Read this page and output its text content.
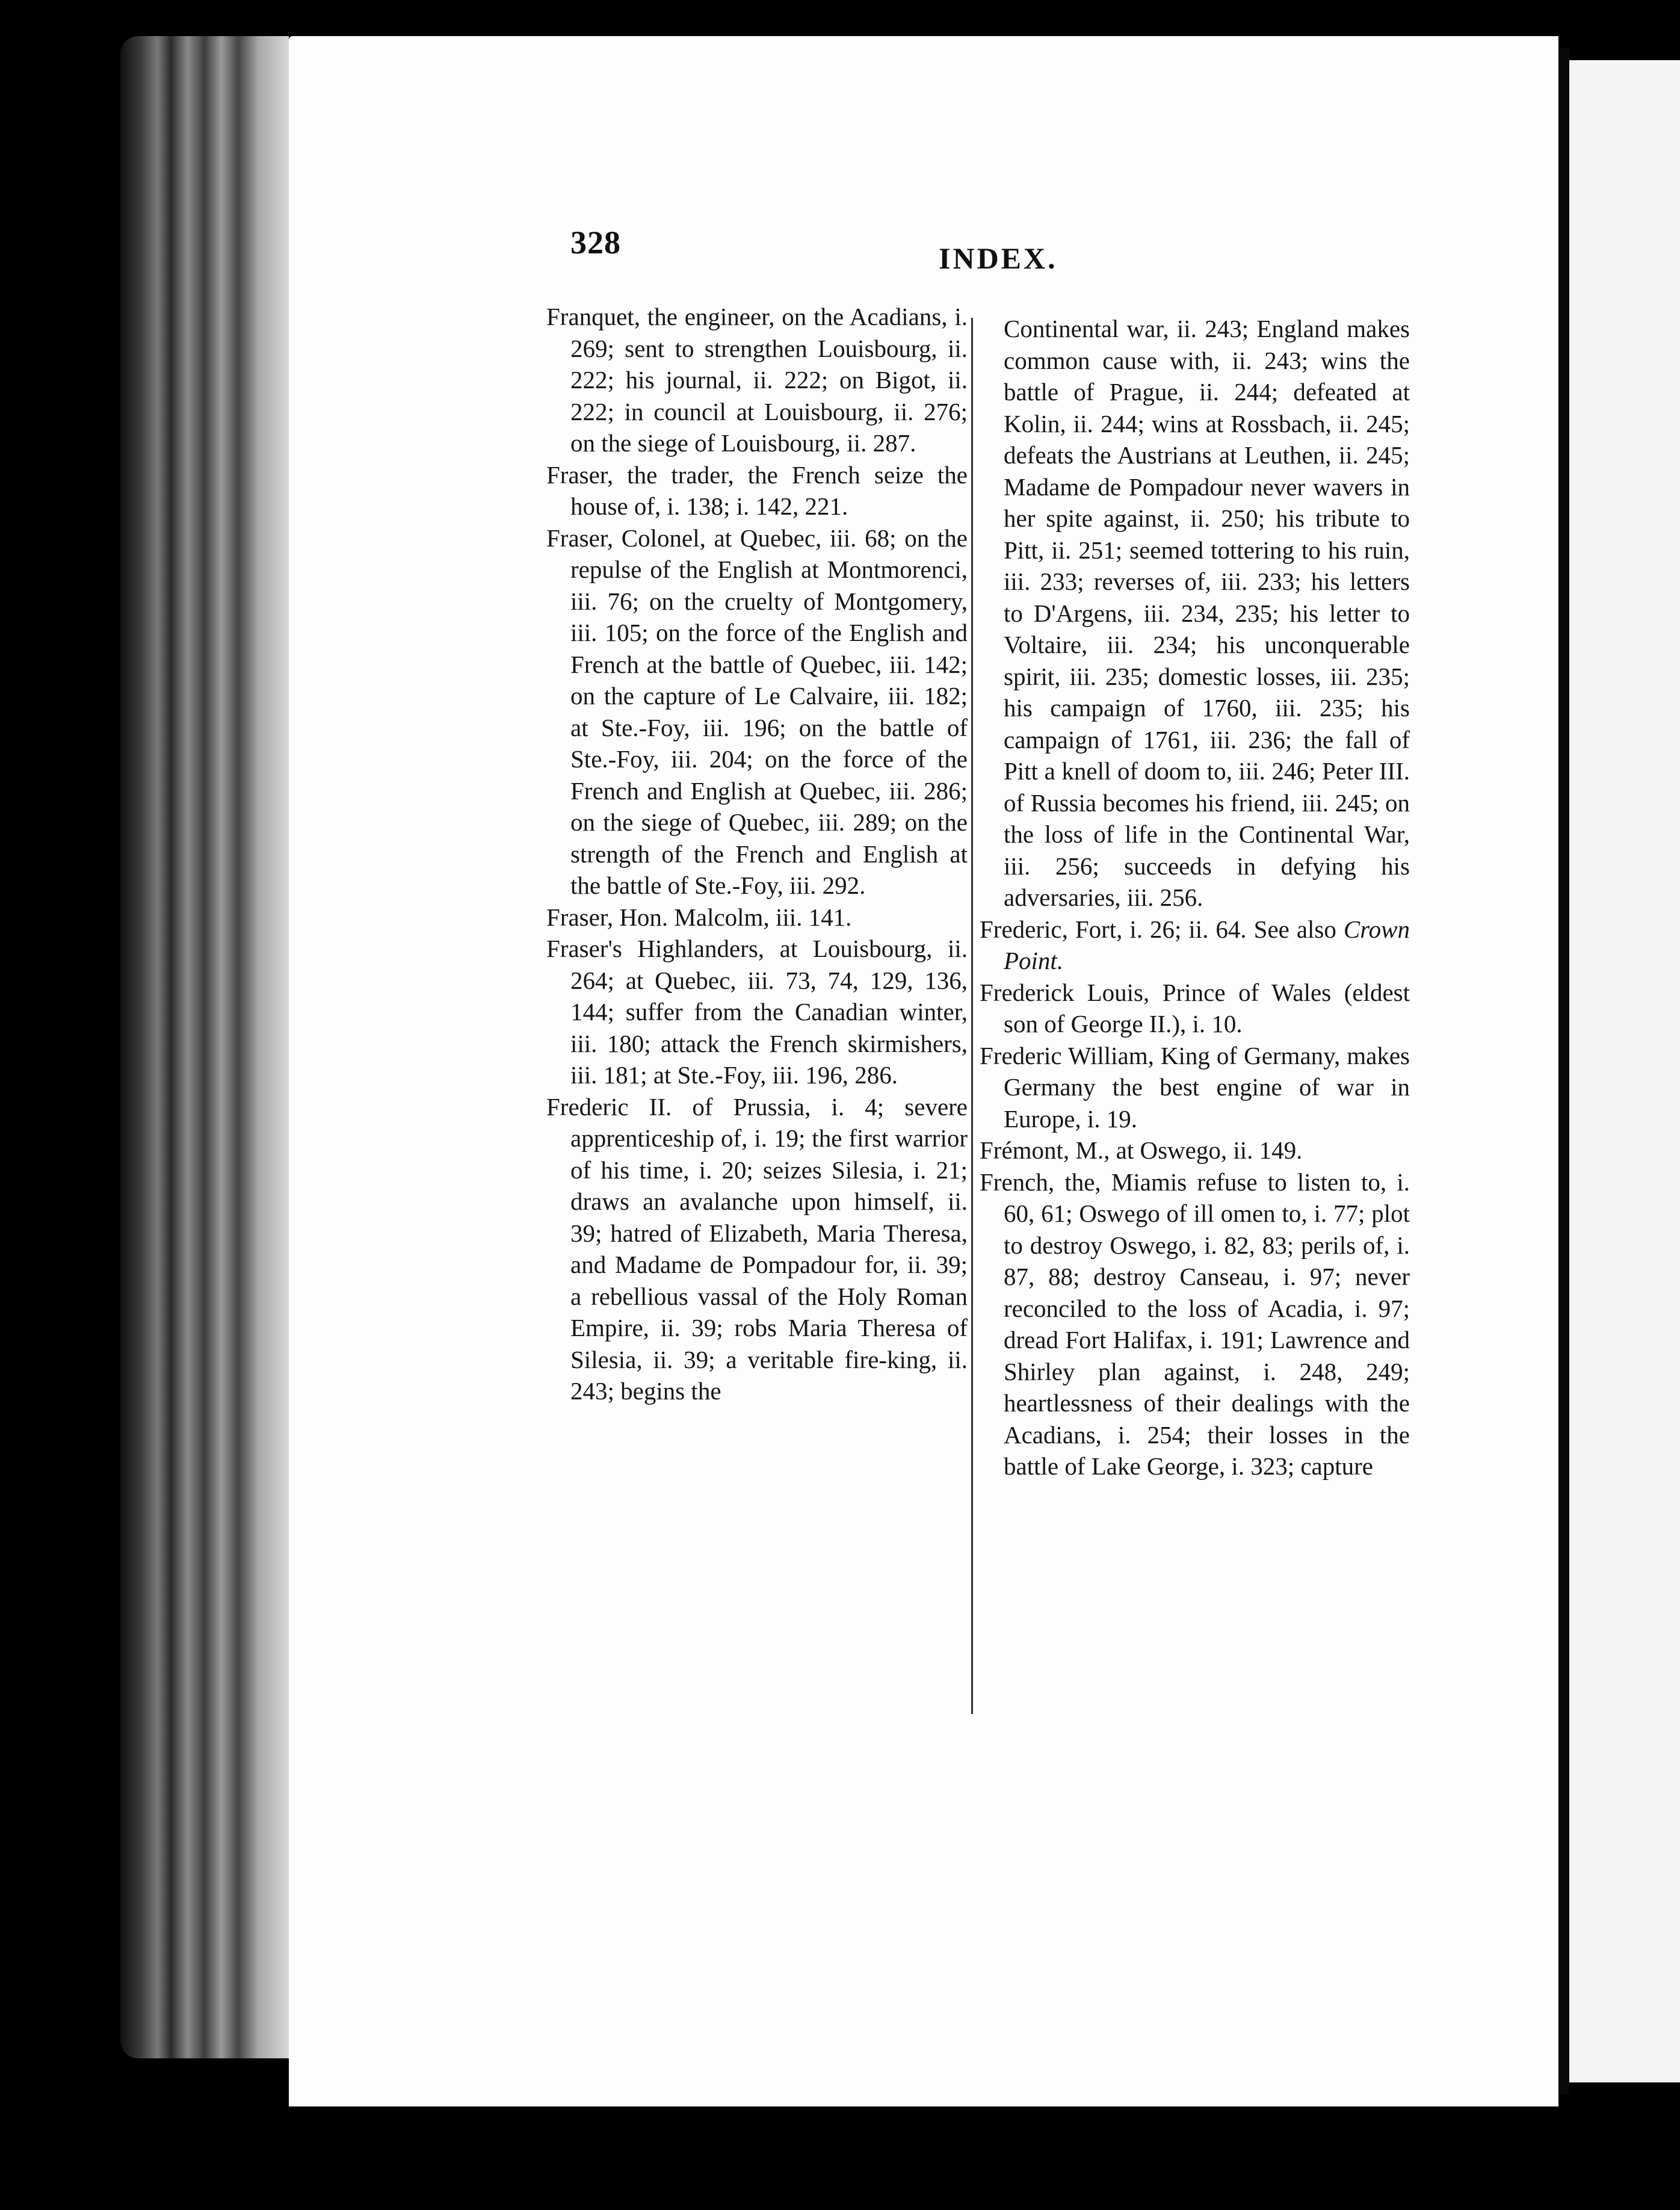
328	INDEX.

Franquet, the engineer, on the Acadians, i. 269; sent to strengthen Louisbourg, ii. 222; his journal, ii. 222; on Bigot, ii. 222; in council at Louisbourg, ii. 276; on the siege of Louisbourg, ii. 287.

Fraser, the trader, the French seize the house of, i. 138; i. 142, 221.

Fraser, Colonel, at Quebec, iii. 68; on the repulse of the English at Montmorenci, iii. 76; on the cruelty of Montgomery, iii. 105; on the force of the English and French at the battle of Quebec, iii. 142; on the capture of Le Calvaire, iii. 182; at Ste.-Foy, iii. 196; on the battle of Ste.-Foy, iii. 204; on the force of the French and English at Quebec, iii. 286; on the siege of Quebec, iii. 289; on the strength of the French and English at the battle of Ste.-Foy, iii. 292.

Fraser, Hon. Malcolm, iii. 141.

Fraser's Highlanders, at Louisbourg, ii. 264; at Quebec, iii. 73, 74, 129, 136, 144; suffer from the Canadian winter, iii. 180; attack the French skirmishers, iii. 181; at Ste.-Foy, iii. 196, 286.

Frederic II. of Prussia, i. 4; severe apprenticeship of, i. 19; the first warrior of his time, i. 20; seizes Silesia, i. 21; draws an avalanche upon himself, ii. 39; hatred of Elizabeth, Maria Theresa, and Madame de Pompadour for, ii. 39; a rebellious vassal of the Holy Roman Empire, ii. 39; robs Maria Theresa of Silesia, ii. 39; a veritable fire-king, ii. 243; begins the

Continental war, ii. 243; England makes common cause with, ii. 243; wins the battle of Prague, ii. 244; defeated at Kolin, ii. 244; wins at Rossbach, ii. 245; defeats the Austrians at Leuthen, ii. 245; Madame de Pompadour never wavers in her spite against, ii. 250; his tribute to Pitt, ii. 251; seemed tottering to his ruin, iii. 233; reverses of, iii. 233; his letters to D'Argens, iii. 234, 235; his letter to Voltaire, iii. 234; his unconquerable spirit, iii. 235; domestic losses, iii. 235; his campaign of 1760, iii. 235; his campaign of 1761, iii. 236; the fall of Pitt a knell of doom to, iii. 246; Peter III. of Russia becomes his friend, iii. 245; on the loss of life in the Continental War, iii. 256; succeeds in defying his adversaries, iii. 256.

Frederic, Fort, i. 26; ii. 64. See also Crown Point.

Frederick Louis, Prince of Wales (eldest son of George II.), i. 10.

Frederic William, King of Germany, makes Germany the best engine of war in Europe, i. 19.

Frémont, M., at Oswego, ii. 149.

French, the, Miamis refuse to listen to, i. 60, 61; Oswego of ill omen to, i. 77; plot to destroy Oswego, i. 82, 83; perils of, i. 87, 88; destroy Canseau, i. 97; never reconciled to the loss of Acadia, i. 97; dread Fort Halifax, i. 191; Lawrence and Shirley plan against, i. 248, 249; heartlessness of their dealings with the Acadians, i. 254; their losses in the battle of Lake George, i. 323; capture
